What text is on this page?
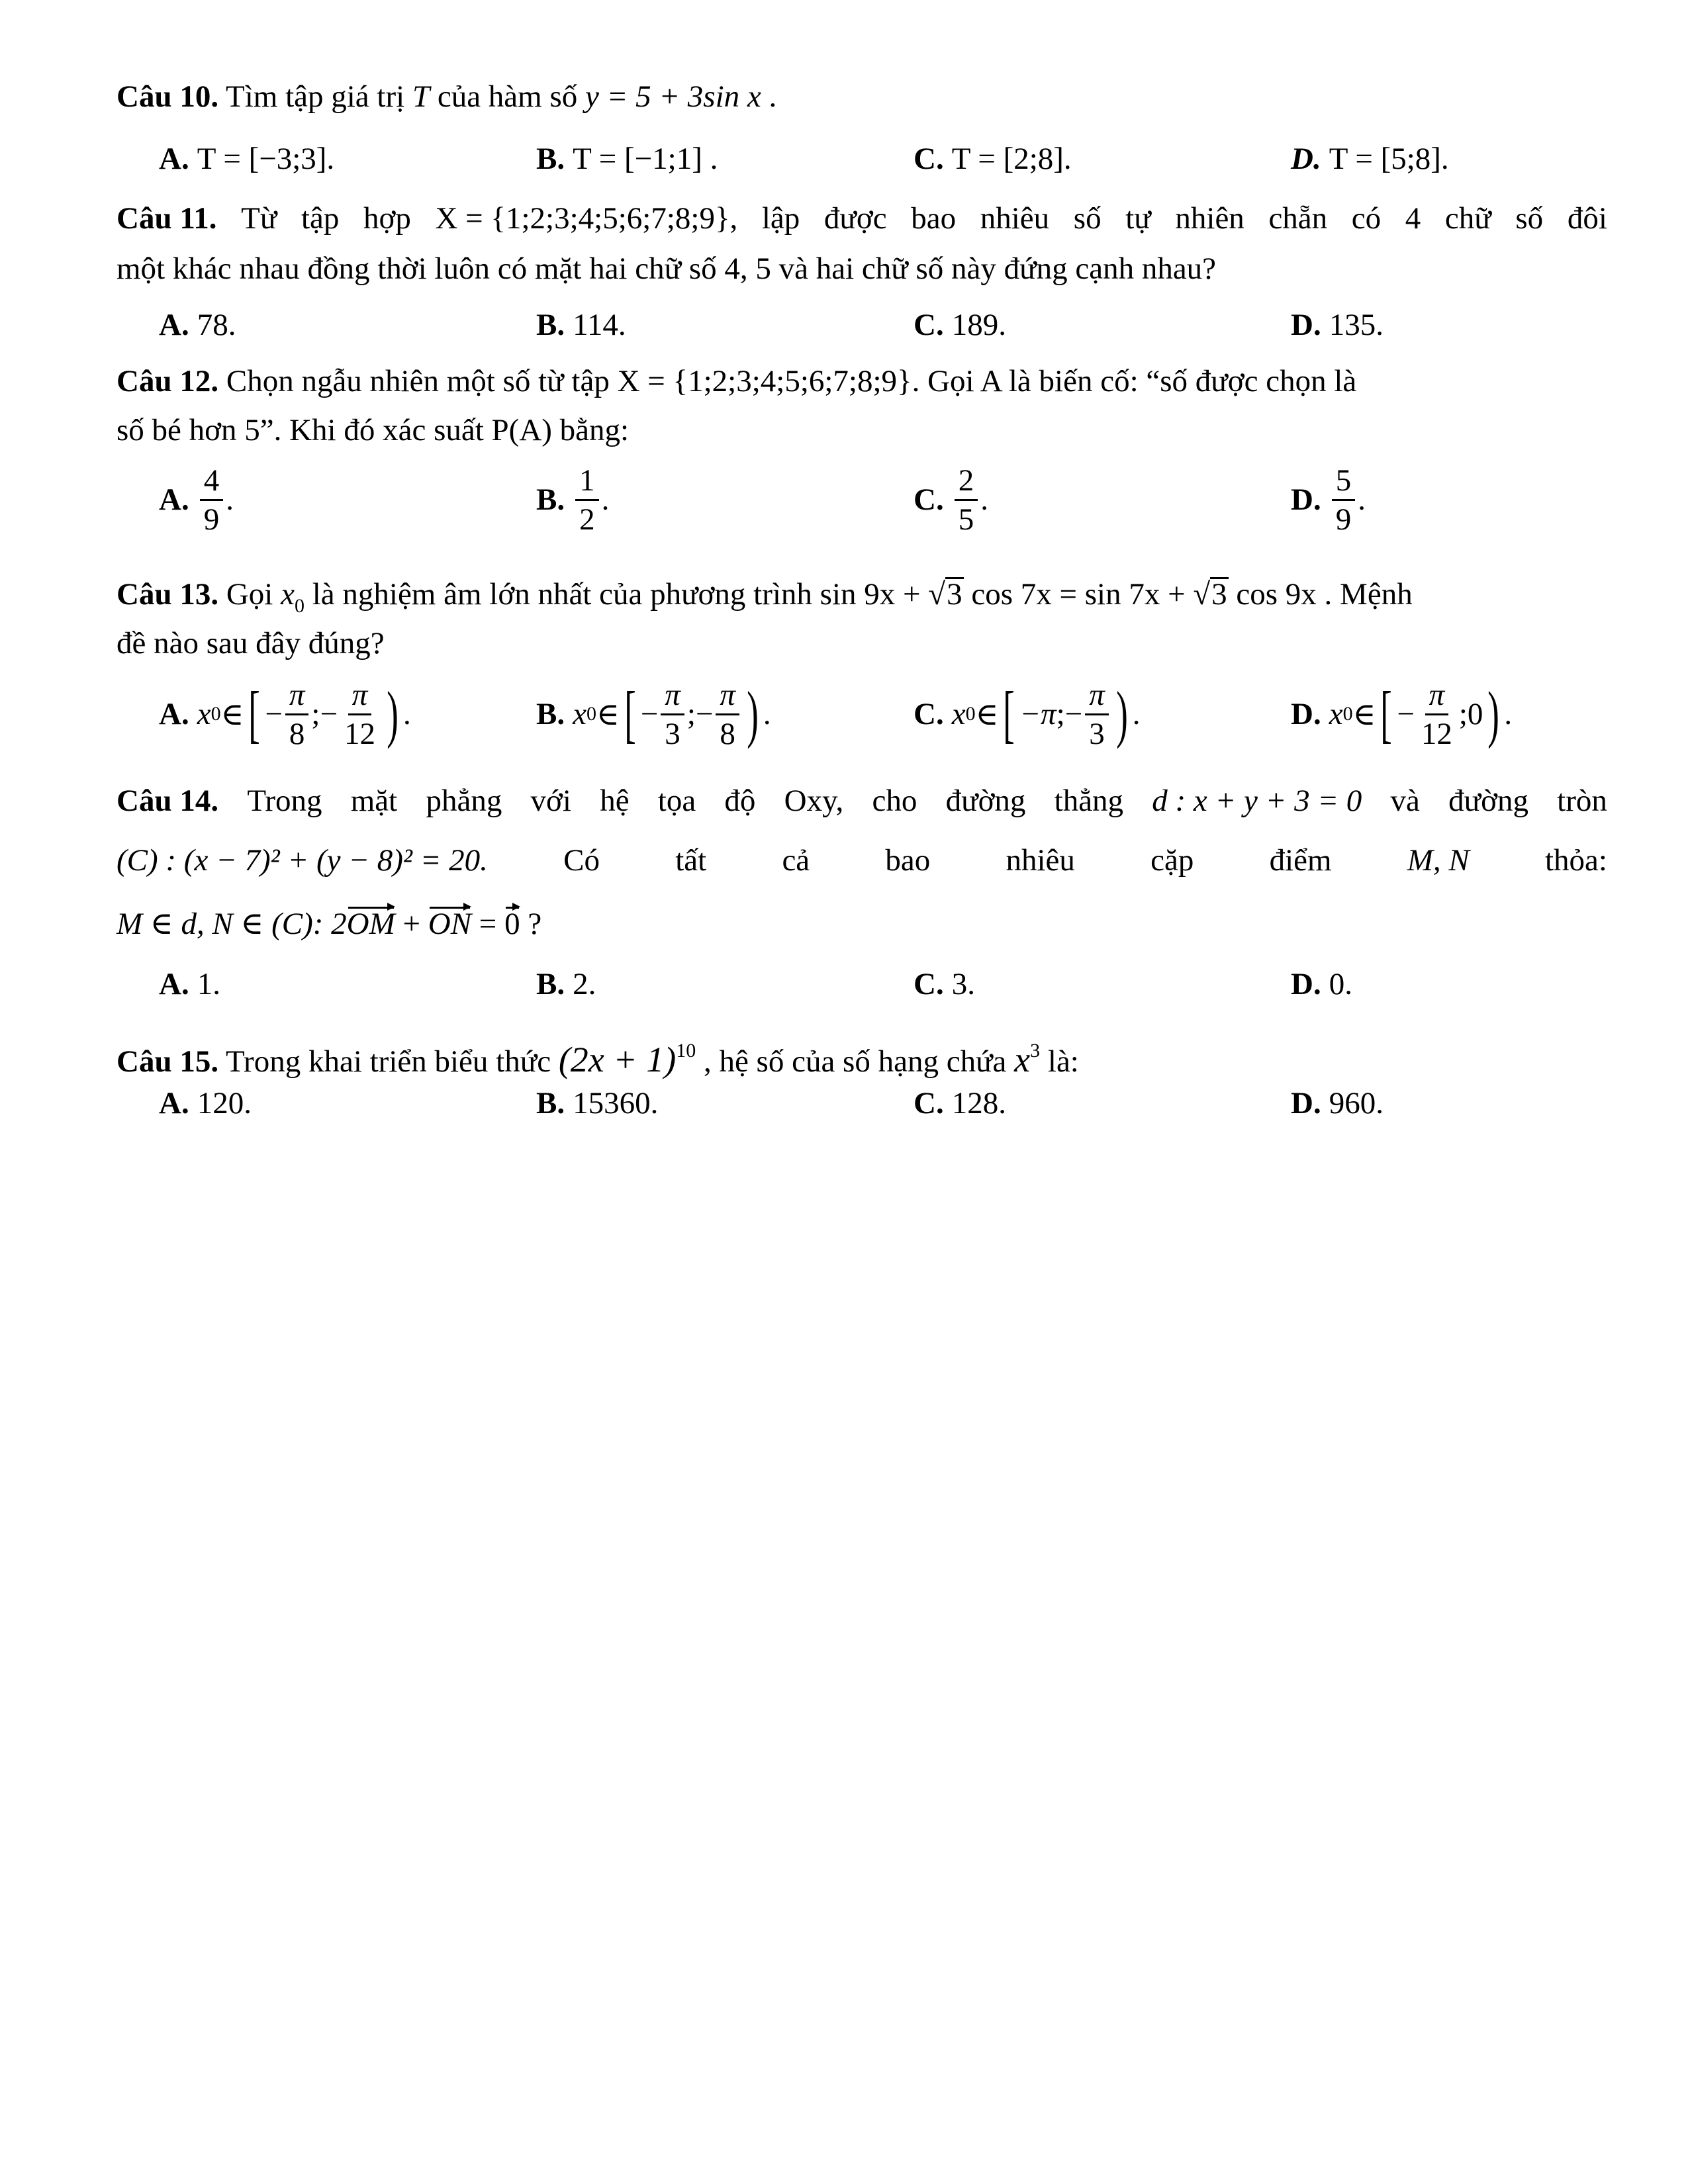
Câu 10. Tìm tập giá trị T của hàm số y = 5 + 3sin x .
A. T = [−3;3].	B. T = [−1;1] .	C. T = [2;8].	D. T = [5;8].
Câu 11. Từ tập hợp X = {1;2;3;4;5;6;7;8;9}, lập được bao nhiêu số tự nhiên chẵn có 4 chữ số đôi
một khác nhau đồng thời luôn có mặt hai chữ số 4, 5 và hai chữ số này đứng cạnh nhau?
A. 78.	B. 114.	C. 189.	D. 135.
Câu 12. Chọn ngẫu nhiên một số từ tập X = {1;2;3;4;5;6;7;8;9}. Gọi A là biến cố: “số được chọn là
số bé hơn 5”. Khi đó xác suất P(A) bằng:
A. $\frac{4}{9}$ .	B. $\frac{1}{2}$ .	C. $\frac{2}{5}$ .	D. $\frac{5}{9}$ .
Câu 13. Gọi $x_0$ là nghiệm âm lớn nhất của phương trình sin 9x + √3 cos 7x = sin 7x + √3 cos 9x . Mệnh
đề nào sau đây đúng?
A. x 0 ∈ [ − $\frac{\pi}{8}$ ;− $\frac{\pi}{12}$ ) .	B. x 0 ∈ [ − $\frac{\pi}{3}$ ;− $\frac{\pi}{8}$ ) .	C. x 0 ∈ [ −π ;− $\frac{\pi}{3}$ ) .	D. x 0 ∈ [ − $\frac{\pi}{12}$ ;0 ) .
Câu 14. Trong mặt phẳng với hệ tọa độ Oxy, cho đường thẳng d : x + y + 3 = 0 và đường tròn
(C) : (x − 7)² + (y − 8)² = 20. Có tất cả bao nhiêu cặp điểm M, N thỏa:
M ∈ d, N ∈ (C): 2OM + ON = 0 ?
A. 1.	B. 2.	C. 3.	D. 0.
Câu 15. Trong khai triển biểu thức $(2x + 1)^{10}$ , hệ số của số hạng chứa $x^3$ là:
A. 120.	B. 15360.	C. 128.	D. 960.
